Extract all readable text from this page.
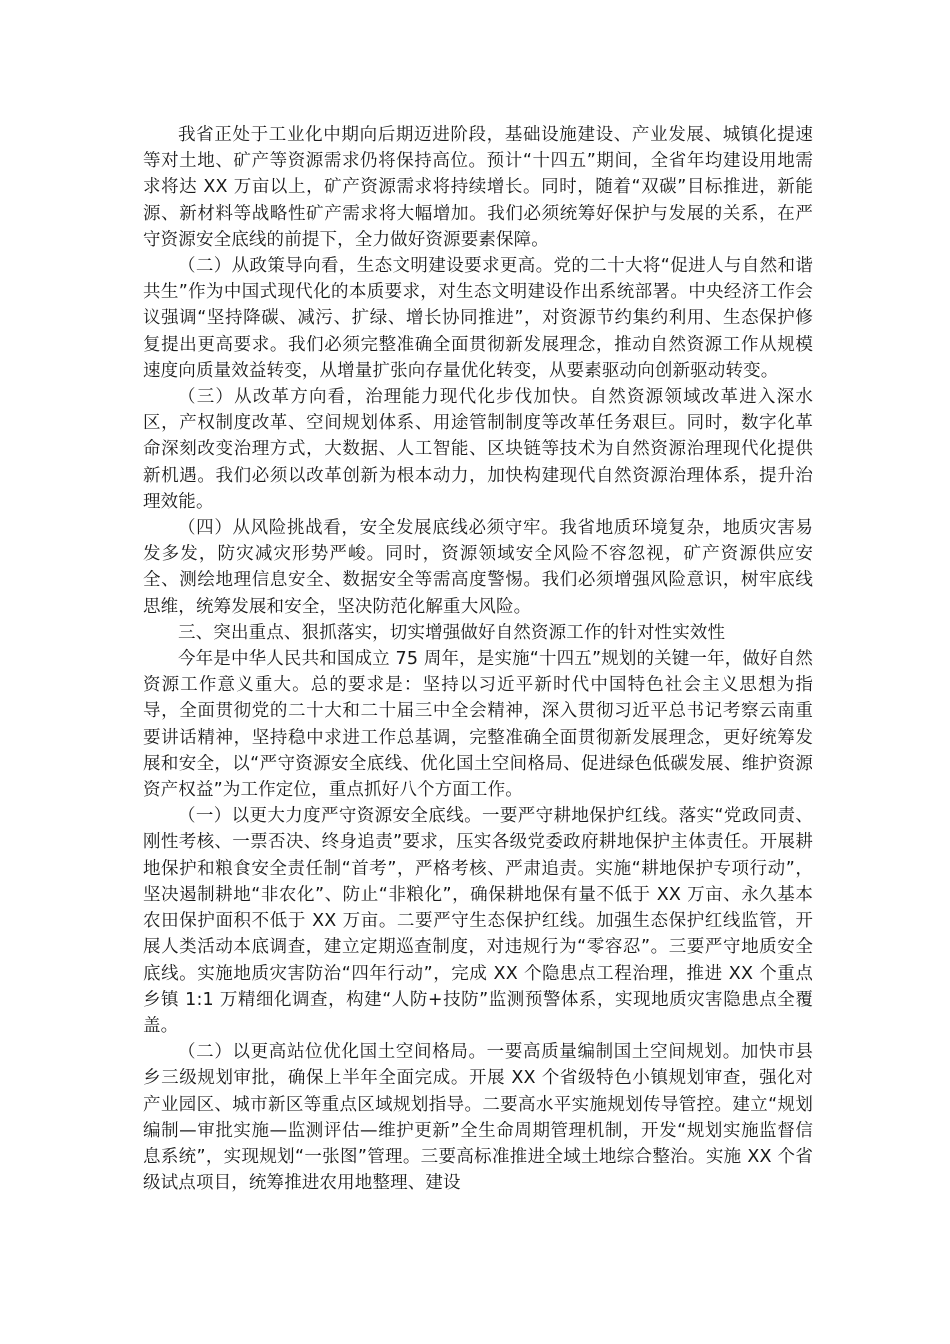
我省正处于工业化中期向后期迈进阶段，基础设施建设、产业发展、城镇化提速等对土地、矿产等资源需求仍将保持高位。预计“十四五”期间，全省年均建设用地需求将达 XX 万亩以上，矿产资源需求将持续增长。同时，随着“双碳”目标推进，新能源、新材料等战略性矿产需求将大幅增加。我们必须统筹好保护与发展的关系，在严守资源安全底线的前提下，全力做好资源要素保障。

（二）从政策导向看，生态文明建设要求更高。党的二十大将“促进人与自然和谐共生”作为中国式现代化的本质要求，对生态文明建设作出系统部署。中央经济工作会议强调“坚持降碳、减污、扩绿、增长协同推进”，对资源节约集约利用、生态保护修复提出更高要求。我们必须完整准确全面贯彻新发展理念，推动自然资源工作从规模速度向质量效益转变，从增量扩张向存量优化转变，从要素驱动向创新驱动转变。

（三）从改革方向看，治理能力现代化步伐加快。自然资源领域改革进入深水区，产权制度改革、空间规划体系、用途管制制度等改革任务艰巨。同时，数字化革命深刻改变治理方式，大数据、人工智能、区块链等技术为自然资源治理现代化提供新机遇。我们必须以改革创新为根本动力，加快构建现代自然资源治理体系，提升治理效能。

（四）从风险挑战看，安全发展底线必须守牢。我省地质环境复杂，地质灾害易发多发，防灾减灾形势严峻。同时，资源领域安全风险不容忽视，矿产资源供应安全、测绘地理信息安全、数据安全等需高度警惕。我们必须增强风险意识，树牢底线思维，统筹发展和安全，坚决防范化解重大风险。

三、突出重点、狠抓落实，切实增强做好自然资源工作的针对性实效性

今年是中华人民共和国成立 75 周年，是实施“十四五”规划的关键一年，做好自然资源工作意义重大。总的要求是：坚持以习近平新时代中国特色社会主义思想为指导，全面贯彻党的二十大和二十届三中全会精神，深入贯彻习近平总书记考察云南重要讲话精神，坚持稳中求进工作总基调，完整准确全面贯彻新发展理念，更好统筹发展和安全，以“严守资源安全底线、优化国土空间格局、促进绿色低碳发展、维护资源资产权益”为工作定位，重点抓好八个方面工作。

（一）以更大力度严守资源安全底线。一要严守耕地保护红线。落实“党政同责、刚性考核、一票否决、终身追责”要求，压实各级党委政府耕地保护主体责任。开展耕地保护和粮食安全责任制“首考”，严格考核、严肃追责。实施“耕地保护专项行动”，坚决遏制耕地“非农化”、防止“非粮化”，确保耕地保有量不低于 XX 万亩、永久基本农田保护面积不低于 XX 万亩。二要严守生态保护红线。加强生态保护红线监管，开展人类活动本底调查，建立定期巡查制度，对违规行为“零容忍”。三要严守地质安全底线。实施地质灾害防治“四年行动”，完成 XX 个隐患点工程治理，推进 XX 个重点乡镇 1:1 万精细化调查，构建“人防+技防”监测预警体系，实现地质灾害隐患点全覆盖。

（二）以更高站位优化国土空间格局。一要高质量编制国土空间规划。加快市县乡三级规划审批，确保上半年全面完成。开展 XX 个省级特色小镇规划审查，强化对产业园区、城市新区等重点区域规划指导。二要高水平实施规划传导管控。建立“规划编制—审批实施—监测评估—维护更新”全生命周期管理机制，开发“规划实施监督信息系统”，实现规划“一张图”管理。三要高标准推进全域土地综合整治。实施 XX 个省级试点项目，统筹推进农用地整理、建设
